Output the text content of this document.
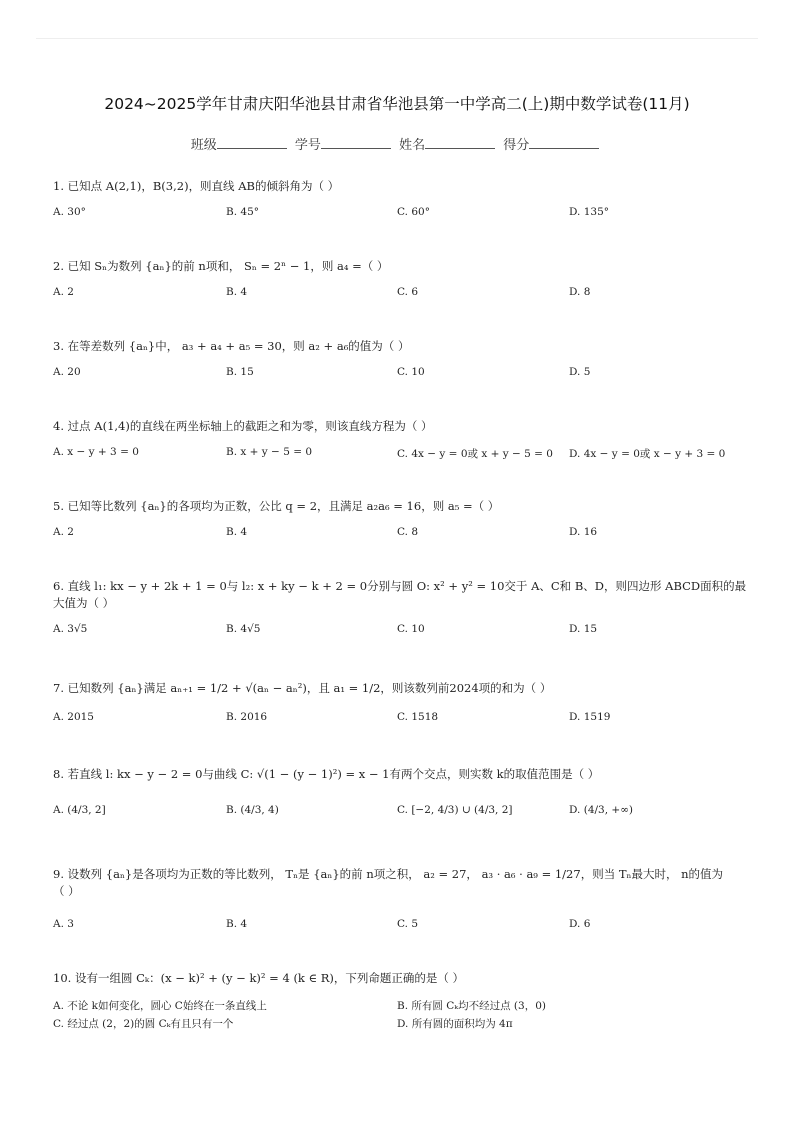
2024~2025学年甘肃庆阳华池县甘肃省华池县第一中学高二(上)期中数学试卷(11月)
班级	学号	姓名	得分
1. 已知点 A(2,1)，B(3,2)，则直线 AB的倾斜角为（ ）
A. 30°	B. 45°	C. 60°	D. 135°
2. 已知 Sₙ为数列 {aₙ}的前 n项和， Sₙ = 2ⁿ − 1，则 a₄ =（ ）
A. 2	B. 4	C. 6	D. 8
3. 在等差数列 {aₙ}中， a₃ + a₄ + a₅ = 30，则 a₂ + a₆的值为（ ）
A. 20	B. 15	C. 10	D. 5
4. 过点 A(1,4)的直线在两坐标轴上的截距之和为零，则该直线方程为（ ）
A. x − y + 3 = 0	B. x + y − 5 = 0	C. 4x − y = 0或 x + y − 5 = 0 D. 4x − y = 0或 x − y + 3 = 0
5. 已知等比数列 {aₙ}的各项均为正数，公比 q = 2，且满足 a₂a₆ = 16，则 a₅ =（ ）
A. 2	B. 4	C. 8	D. 16
6. 直线 l₁: kx − y + 2k + 1 = 0与 l₂: x + ky − k + 2 = 0分别与圆 O: x² + y² = 10交于 A、C和 B、D，则四边形 ABCD面积的最
大值为（ ）
A. 3√5	B. 4√5	C. 10	D. 15
7. 已知数列 {aₙ}满足 aₙ₊₁ = 1/2 + √(aₙ − aₙ²)，且 a₁ = 1/2，则该数列前2024项的和为（ ）
A. 2015	B. 2016	C. 1518	D. 1519
8. 若直线 l: kx − y − 2 = 0与曲线 C: √(1 − (y − 1)²) = x − 1有两个交点，则实数 k的取值范围是（ ）
A. (4/3, 2]	B. (4/3, 4)	C. [−2, 4/3) ∪ (4/3, 2]	D. (4/3, +∞)
9. 设数列 {aₙ}是各项均为正数的等比数列， Tₙ是 {aₙ}的前 n项之积， a₂ = 27， a₃ · a₆ · a₉ = 1/27，则当 Tₙ最大时， n的值为
（ ）
A. 3	B. 4	C. 5	D. 6
10. 设有一组圆 Cₖ：(x − k)² + (y − k)² = 4 (k ∈ R)，下列命题正确的是（ ）
A. 不论 k如何变化，圆心 C始终在一条直线上	B. 所有圆 Cₖ均不经过点 (3，0)
C. 经过点 (2，2)的圆 Cₖ有且只有一个	D. 所有圆的面积均为 4π
